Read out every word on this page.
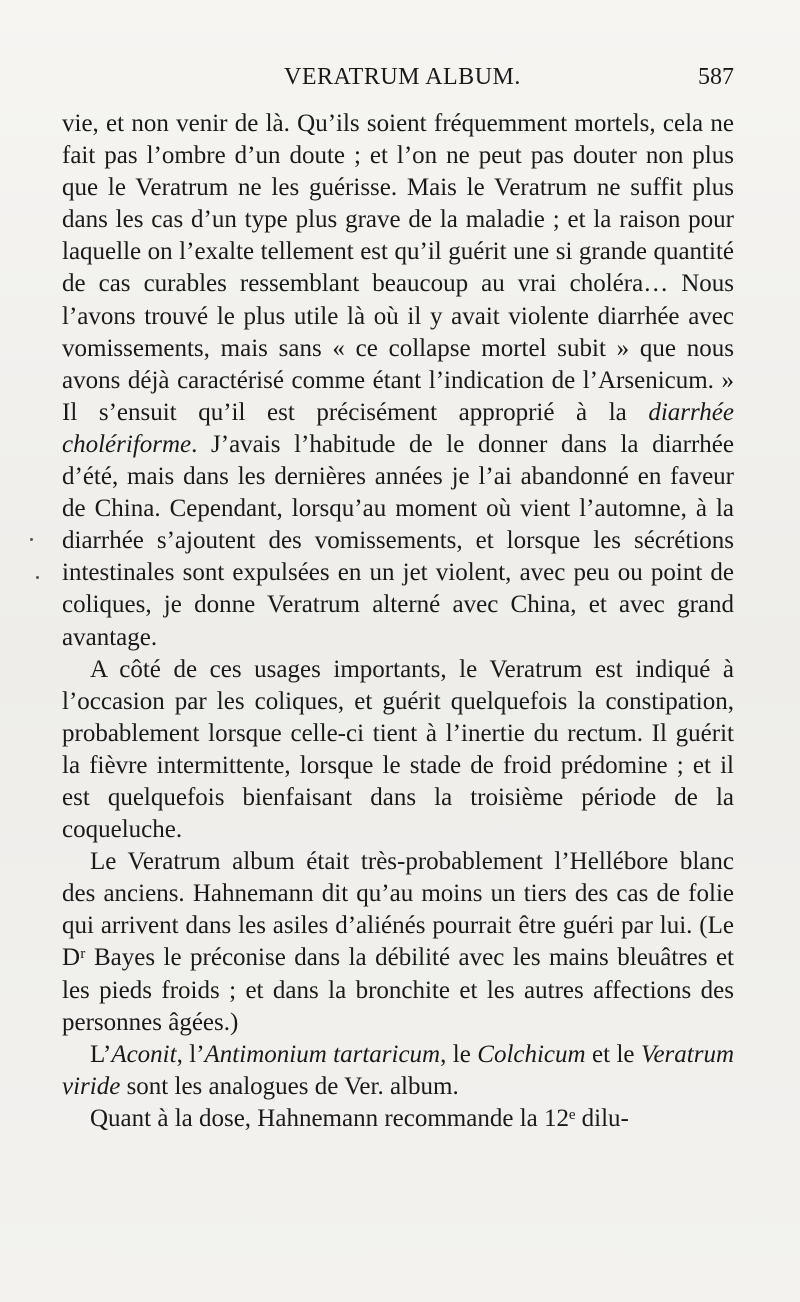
VERATRUM ALBUM.	587

vie, et non venir de là. Qu’ils soient fréquemment mortels, cela ne fait pas l’ombre d’un doute ; et l’on ne peut pas douter non plus que le Veratrum ne les guérisse. Mais le Veratrum ne suffit plus dans les cas d’un type plus grave de la maladie ; et la raison pour laquelle on l’exalte tellement est qu’il guérit une si grande quantité de cas curables ressemblant beaucoup au vrai choléra… Nous l’avons trouvé le plus utile là où il y avait violente diarrhée avec vomissements, mais sans « ce collapse mortel subit » que nous avons déjà caractérisé comme étant l’indication de l’Arsenicum. » Il s’ensuit qu’il est précisément approprié à la diarrhée cholériforme. J’avais l’habitude de le donner dans la diarrhée d’été, mais dans les dernières années je l’ai abandonné en faveur de China. Cependant, lorsqu’au moment où vient l’automne, à la diarrhée s’ajoutent des vomissements, et lorsque les sécrétions intestinales sont expulsées en un jet violent, avec peu ou point de coliques, je donne Veratrum alterné avec China, et avec grand avantage.

A côté de ces usages importants, le Veratrum est indiqué à l’occasion par les coliques, et guérit quelquefois la constipation, probablement lorsque celle-ci tient à l’inertie du rectum. Il guérit la fièvre intermittente, lorsque le stade de froid prédomine ; et il est quelquefois bienfaisant dans la troisième période de la coqueluche.

Le Veratrum album était très-probablement l’Hellébore blanc des anciens. Hahnemann dit qu’au moins un tiers des cas de folie qui arrivent dans les asiles d’aliénés pourrait être guéri par lui. (Le Dʳ Bayes le préconise dans la débilité avec les mains bleuâtres et les pieds froids ; et dans la bronchite et les autres affections des personnes âgées.)

L’Aconit, l’Antimonium tartaricum, le Colchicum et le Veratrum viride sont les analogues de Ver. album.

Quant à la dose, Hahnemann recommande la 12ᵉ dilu-
